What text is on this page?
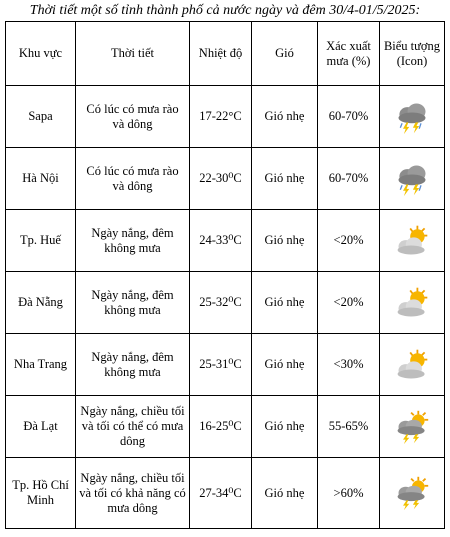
Thời tiết một số tỉnh thành phố cả nước ngày và đêm 30/4-01/5/2025:
Khu vực	Thời tiết	Nhiệt độ	Gió	Xác xuất mưa (%)	Biểu tượng (Icon)
Sapa	Có lúc có mưa rào và dông	17-22°C	Gió nhẹ	60-70%	

Hà Nội	Có lúc có mưa rào và dông	22-30⁰C	Gió nhẹ	60-70%	

Tp. Huế	Ngày nắng, đêm không mưa	24-33⁰C	Gió nhẹ	<20%	

Đà Nẵng	Ngày nắng, đêm không mưa	25-32⁰C	Gió nhẹ	<20%	

Nha Trang	Ngày nắng, đêm không mưa	25-31⁰C	Gió nhẹ	<30%	

Đà Lạt	Ngày nắng, chiều tối và tối có thể có mưa dông	16-25⁰C	Gió nhẹ	55-65%	

Tp. Hồ Chí Minh	Ngày nắng, chiều tối và tối có khả năng có mưa dông	27-34⁰C	Gió nhẹ	>60%	
